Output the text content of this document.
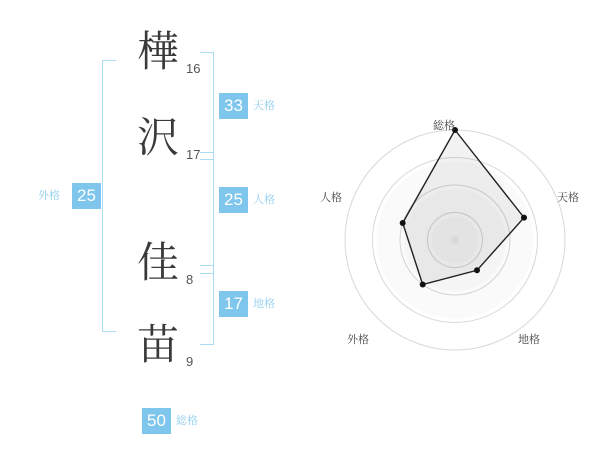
外格 25
樺 16
沢 17
佳 8
苗 9
33 天格
25 人格
17 地格
50 総格
総格
天格
地格
外格
人格
